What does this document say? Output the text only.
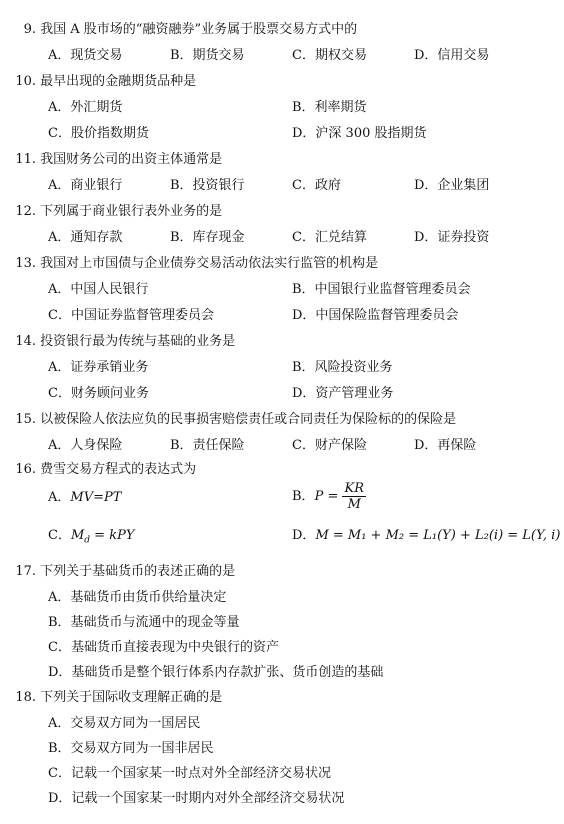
9. 我国 A 股市场的“融资融券”业务属于股票交易方式中的
A．现货交易	B．期货交易	C．期权交易	D．信用交易
10. 最早出现的金融期货品种是
A．外汇期货	B．利率期货
C．股价指数期货	D．沪深 300 股指期货
11. 我国财务公司的出资主体通常是
A．商业银行	B．投资银行	C．政府	D．企业集团
12. 下列属于商业银行表外业务的是
A．通知存款	B．库存现金	C．汇兑结算	D．证券投资
13. 我国对上市国债与企业债券交易活动依法实行监管的机构是
A．中国人民银行	B．中国银行业监督管理委员会
C．中国证券监督管理委员会	D．中国保险监督管理委员会
14. 投资银行最为传统与基础的业务是
A．证券承销业务	B．风险投资业务
C．财务顾问业务	D．资产管理业务
15. 以被保险人依法应负的民事损害赔偿责任或合同责任为保险标的的保险是
A．人身保险	B．责任保险	C．财产保险	D．再保险
16. 费雪交易方程式的表达式为
A．MV=PT	B．$P = \frac{KR}{M}$
C．$M_d$ = kPY	D．M = M₁ + M₂ = L₁(Y) + L₂(i) = L(Y, i)
17. 下列关于基础货币的表述正确的是
A．基础货币由货币供给量决定
B．基础货币与流通中的现金等量
C．基础货币直接表现为中央银行的资产
D．基础货币是整个银行体系内存款扩张、货币创造的基础
18. 下列关于国际收支理解正确的是
A．交易双方同为一国居民
B．交易双方同为一国非居民
C．记载一个国家某一时点对外全部经济交易状况
D．记载一个国家某一时期内对外全部经济交易状况
